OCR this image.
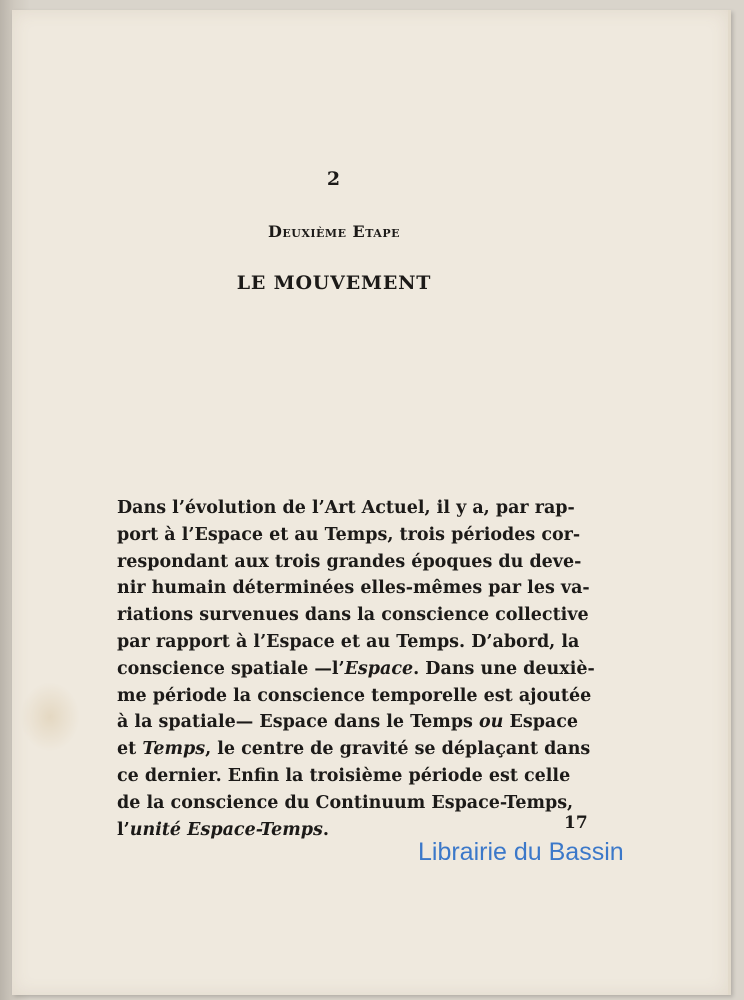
2
Deuxième Etape
LE MOUVEMENT
Dans l’évolution de l’Art Actuel, il y a, par rap-
port à l’Espace et au Temps, trois périodes cor-
respondant aux trois grandes époques du deve-
nir humain déterminées elles-mêmes par les va-
riations survenues dans la conscience collective
par rapport à l’Espace et au Temps. D’abord, la
conscience spatiale —l’Espace. Dans une deuxiè-
me période la conscience temporelle est ajoutée
à la spatiale— Espace dans le Temps ou Espace
et Temps, le centre de gravité se déplaçant dans
ce dernier. Enfin la troisième période est celle
de la conscience du Continuum Espace-Temps,
l’unité Espace-Temps.	17
Librairie du Bassin
